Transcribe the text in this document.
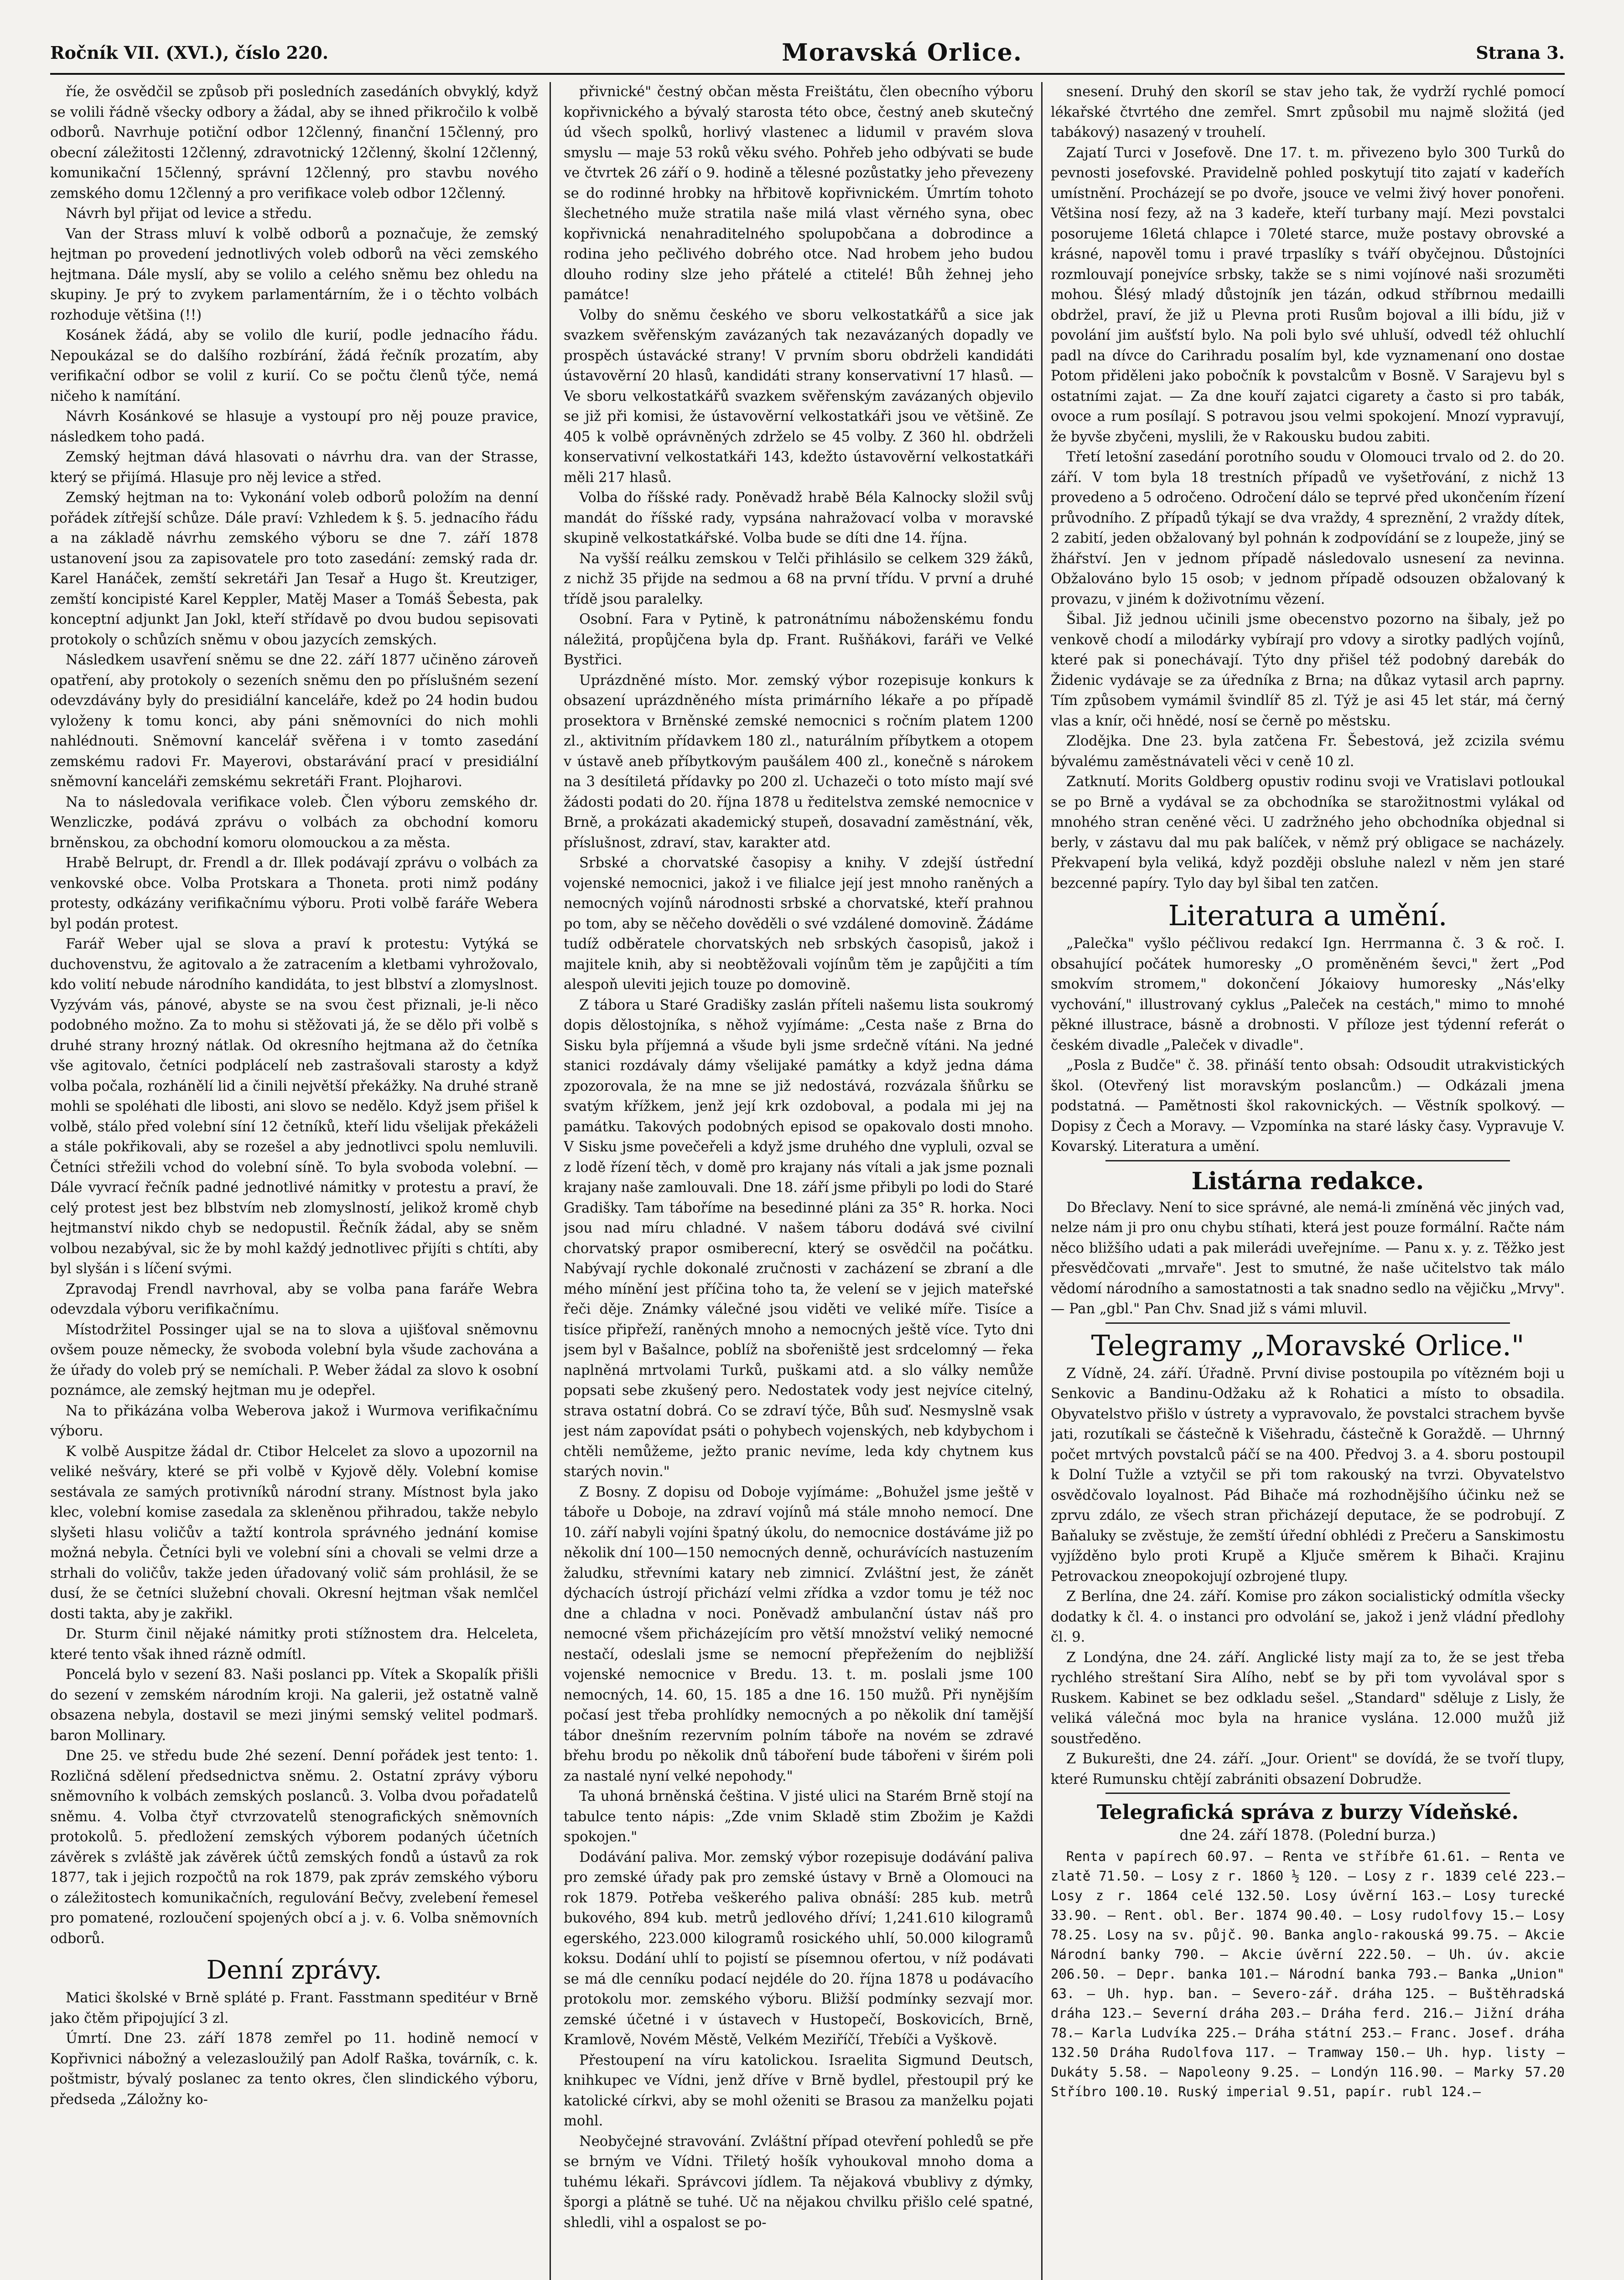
Ročník VII. (XVI.), číslo 220.	Moravská Orlice.	Strana 3.

říe, že osvědčil se způsob při posledních zasedáních obvyklý, když se volili řádně všecky odbory a žádal, aby se ihned přikročilo k volbě odborů. Navrhuje potiční odbor 12členný, finanční 15členný, pro obecní záležitosti 12členný, zdravotnický 12členný, školní 12členný, komunikační 15členný, správní 12členný, pro stavbu nového zemského domu 12členný a pro verifikace voleb odbor 12členný.

Návrh byl přijat od levice a středu.

Van der Strass mluví k volbě odborů a poznačuje, že zemský hejtman po provedení jednotlivých voleb odborů na věci zemského hejtmana. Dále myslí, aby se volilo a celého sněmu bez ohledu na skupiny. Je prý to zvykem parlamentárním, že i o těchto volbách rozhoduje většina (!!)

Kosánek žádá, aby se volilo dle kurií, podle jednacího řádu. Nepoukázal se do dalšího rozbírání, žádá řečník prozatím, aby verifikační odbor se volil z kurií. Co se počtu členů týče, nemá ničeho k namítání.

Návrh Kosánkové se hlasuje a vystoupí pro něj pouze pravice, následkem toho padá.

Zemský hejtman dává hlasovati o návrhu dra. van der Strasse, který se přijímá. Hlasuje pro něj levice a střed.

Zemský hejtman na to: Vykonání voleb odborů položím na denní pořádek zítřejší schůze. Dále praví: Vzhledem k §. 5. jednacího řádu a na základě návrhu zemského výboru se dne 7. září 1878 ustanovení jsou za zapisovatele pro toto zasedání: zemský rada dr. Karel Hanáček, zemští sekretáři Jan Tesař a Hugo št. Kreutziger, zemští koncipisté Karel Keppler, Matěj Maser a Tomáš Šebesta, pak konceptní adjunkt Jan Jokl, kteří střídavě po dvou budou sepisovati protokoly o schůzích sněmu v obou jazycích zemských.

Následkem usavření sněmu se dne 22. září 1877 učiněno zároveň opatření, aby protokoly o sezeních sněmu den po příslušném sezení odevzdávány byly do presidiální kanceláře, kdež po 24 hodin budou vyloženy k tomu konci, aby páni sněmovníci do nich mohli nahlédnouti. Sněmovní kancelář svěřena i v tomto zasedání zemskému radovi Fr. Mayerovi, obstarávání prací v presidiální sněmovní kanceláři zemskému sekretáři Frant. Plojharovi.

Na to následovala verifikace voleb. Člen výboru zemského dr. Wenzliczke, podává zprávu o volbách za obchodní komoru brněnskou, za obchodní komoru olomouckou a za města.

Hrabě Belrupt, dr. Frendl a dr. Illek podávají zprávu o volbách za venkovské obce. Volba Protskara a Thoneta. proti nimž podány protesty, odkázány verifikačnímu výboru. Proti volbě faráře Webera byl podán protest.

Farář Weber ujal se slova a praví k protestu: Vytýká se duchovenstvu, že agitovalo a že zatracením a kletbami vyhrožovalo, kdo volití nebude národního kandidáta, to jest blbství a zlomyslnost. Vyzývám vás, pánové, abyste se na svou čest přiznali, je-li něco podobného možno. Za to mohu si stěžovati já, že se dělo při volbě s druhé strany hrozný nátlak. Od okresního hejtmana až do četníka vše agitovalo, četníci podplácelí neb zastrašovali starosty a když volba počala, rozhánělí lid a činili největší překážky. Na druhé straně mohli se spoléhati dle libosti, ani slovo se nedělo. Když jsem přišel k volbě, stálo před volební síní 12 četníků, kteří lidu všelijak překáželi a stále pokřikovali, aby se rozešel a aby jednotlivci spolu nemluvili. Četníci střežili vchod do volební síně. To byla svoboda volební. — Dále vyvrací řečník padné jednotlivé námitky v protestu a praví, že celý protest jest bez blbstvím neb zlomyslností, jelikož kromě chyb hejtmanství nikdo chyb se nedopustil. Řečník žádal, aby se sněm volbou nezabýval, sic že by mohl každý jednotlivec přijíti s chtíti, aby byl slyšán i s líčení svými.

Zpravodaj Frendl navrhoval, aby se volba pana faráře Webra odevzdala výboru verifikačnímu.

Místodržitel Possinger ujal se na to slova a ujišťoval sněmovnu ovšem pouze německy, že svoboda volební byla všude zachována a že úřady do voleb prý se nemíchali. P. Weber žádal za slovo k osobní poznámce, ale zemský hejtman mu je odepřel.

Na to přikázána volba Weberova jakož i Wurmova verifikačnímu výboru.

K volbě Auspitze žádal dr. Ctibor Helcelet za slovo a upozornil na veliké nešváry, které se při volbě v Kyjově děly. Volební komise sestávala ze samých protivníků národní strany. Místnost byla jako klec, volební komise zasedala za skleněnou přihradou, takže nebylo slyšeti hlasu voličův a tažtí kontrola správného jednání komise možná nebyla. Četníci byli ve volební síni a chovali se velmi drze a strhali do voličův, takže jeden úřadovaný volič sám prohlásil, že se dusí, že se četníci služební chovali. Okresní hejtman však nemlčel dosti takta, aby je zakřikl.

Dr. Sturm činil nějaké námitky proti stížnostem dra. Helceleta, které tento však ihned rázně odmítl.

Poncelá bylo v sezení 83. Naši poslanci pp. Vítek a Skopalík přišli do sezení v zemském národním kroji. Na galerii, jež ostatně valně obsazena nebyla, dostavil se mezi jinými semský velitel podmarš. baron Mollinary.

Dne 25. ve středu bude 2hé sezení. Denní pořádek jest tento: 1. Rozličná sdělení předsednictva sněmu. 2. Ostatní zprávy výboru sněmovního k volbách zemských poslanců. 3. Volba dvou pořadatelů sněmu. 4. Volba čtyř ctvrzovatelů stenografických sněmovních protokolů. 5. předložení zemských výborem podaných účetních závěrek s zvláště jak závěrek účtů zemských fondů a ústavů za rok 1877, tak i jejich rozpočtů na rok 1879, pak zpráv zemského výboru o záležitostech komunikačních, regulování Bečvy, zvelebení řemesel pro pomatené, rozloučení spojených obcí a j. v. 6. Volba sněmovních odborů.

Denní zprávy.

Matici školské v Brně spláté p. Frant. Fasstmann speditéur v Brně jako čtěm připojující 3 zl.

Úmrtí. Dne 23. září 1878 zemřel po 11. hodině nemocí v Kopřivnici nábožný a velezasloužilý pan Adolf Raška, továrník, c. k. poštmistr, bývalý poslanec za tento okres, člen slindického výboru, předseda „Záložny ko-

přivnické" čestný občan města Freištátu, člen obecního výboru kopřivnického a bývalý starosta této obce, čestný aneb skutečný úd všech spolků, horlivý vlastenec a lidumil v pravém slova smyslu — maje 53 roků věku svého. Pohřeb jeho odbývati se bude ve čtvrtek 26 září o 9. hodině a tělesné pozůstatky jeho převezeny se do rodinné hrobky na hřbitově kopřivnickém. Úmrtím tohoto šlechetného muže stratila naše milá vlast věrného syna, obec kopřivnická nenahraditelného spolupobčana a dobrodince a rodina jeho pečlivého dobrého otce. Nad hrobem jeho budou dlouho rodiny slze jeho přátelé a ctitelé! Bůh žehnej jeho památce!

Volby do sněmu českého ve sboru velkostatkářů a sice jak svazkem svěřenským zavázaných tak nezavázaných dopadly ve prospěch ústavácké strany! V prvním sboru obdrželi kandidáti ústavověrní 20 hlasů, kandidáti strany konservativní 17 hlasů. — Ve sboru velkostatkářů svazkem svěřenským zavázaných objevilo se již při komisi, že ústavověrní velkostatkáři jsou ve většině. Ze 405 k volbě oprávněných zdrželo se 45 volby. Z 360 hl. obdrželi konservativní velkostatkáři 143, kdežto ústavověrní velkostatkáři měli 217 hlasů.

Volba do říšské rady. Poněvadž hrabě Béla Kalnocky složil svůj mandát do říšské rady, vypsána nahražovací volba v moravské skupině velkostatkářské. Volba bude se díti dne 14. října.

Na vyšší reálku zemskou v Telči přihlásilo se celkem 329 žáků, z nichž 35 přijde na sedmou a 68 na první třídu. V první a druhé třídě jsou paralelky.

Osobní. Fara v Pytině, k patronátnímu náboženskému fondu náležitá, propůjčena byla dp. Frant. Rušňákovi, faráři ve Velké Bystřici.

Uprázdněné místo. Mor. zemský výbor rozepisuje konkurs k obsazení uprázdněného místa primárního lékaře a po případě prosektora v Brněnské zemské nemocnici s ročním platem 1200 zl., aktivitním přídavkem 180 zl., naturálním příbytkem a otopem v ústavě aneb příbytkovým paušálem 400 zl., konečně s nárokem na 3 desítiletá přídavky po 200 zl. Uchazeči o toto místo mají své žádosti podati do 20. října 1878 u ředitelstva zemské nemocnice v Brně, a prokázati akademický stupeň, dosavadní zaměstnání, věk, příslušnost, zdraví, stav, karakter atd.

Srbské a chorvatské časopisy a knihy. V zdejší ústřední vojenské nemocnici, jakož i ve filialce její jest mnoho raněných a nemocných vojínů národnosti srbské a chorvatské, kteří prahnou po tom, aby se něčeho dověděli o své vzdálené domovině. Žádáme tudíž odběratele chorvatských neb srbských časopisů, jakož i majitele knih, aby si neobtěžovali vojínům těm je zapůjčiti a tím alespoň uleviti jejich touze po domovině.

Z tábora u Staré Gradišky zaslán příteli našemu lista soukromý dopis dělostojníka, s něhož vyjímáme: „Cesta naše z Brna do Sisku byla příjemná a všude byli jsme srdečně vítáni. Na jedné stanici rozdávaly dámy všelijaké památky a když jedna dáma zpozorovala, že na mne se již nedostává, rozvázala šňůrku se svatým křížkem, jenž její krk ozdoboval, a podala mi jej na památku. Takových podobných episod se opakovalo dosti mnoho. V Sisku jsme povečeřeli a když jsme druhého dne vypluli, ozval se z lodě řízení těch, v domě pro krajany nás vítali a jak jsme poznali krajany naše zamlouvali. Dne 18. září jsme přibyli po lodi do Staré Gradišky. Tam táboříme na besedinné pláni za 35° R. horka. Noci jsou nad míru chladné. V našem táboru dodává své civilní chorvatský prapor osmiberecní, který se osvědčil na počátku. Nabývají rychle dokonalé zručnosti v zacházení se zbraní a dle mého mínění jest příčina toho ta, že velení se v jejich mateřské řeči děje. Známky válečné jsou viděti ve veliké míře. Tisíce a tisíce připřeží, raněných mnoho a nemocných ještě více. Tyto dni jsem byl v Bašalnce, poblíž na sbořeniště jest srdcelomný — řeka naplněná mrtvolami Turků, puškami atd. a slo války nemůže popsati sebe zkušený pero. Nedostatek vody jest nejvíce citelný, strava ostatní dobrá. Co se zdraví týče, Bůh suď. Nesmyslně vsak jest nám zapovídat psáti o pohybech vojenských, neb kdybychom i chtěli nemůžeme, ježto pranic nevíme, leda kdy chytnem kus starých novin."

Z Bosny. Z dopisu od Doboje vyjímáme: „Bohužel jsme ještě v táboře u Doboje, na zdraví vojínů má stále mnoho nemocí. Dne 10. září nabyli vojíni špatný úkolu, do nemocnice dostáváme již po několik dní 100—150 nemocných denně, ochurávících nastuzením žaludku, střevními katary neb zimnicí. Zvláštní jest, že zánět dýchacích ústrojí přichází velmi zřídka a vzdor tomu je též noc dne a chladna v noci. Poněvadž ambulanční ústav náš pro nemocné všem přicházejícím pro větší množství veliký nemocné nestačí, odeslali jsme se nemocní přepřežením do nejbližší vojenské nemocnice v Bredu. 13. t. m. poslali jsme 100 nemocných, 14. 60, 15. 185 a dne 16. 150 mužů. Při nynějším počasí jest třeba prohlídky nemocných a po několik dní tamější tábor dnešním rezervním polním táboře na novém se zdravé břehu brodu po několik dnů táboření bude tábořeni v širém poli za nastalé nyní velké nepohody."

Ta uhoná brněnská čeština. V jisté ulici na Starém Brně stojí na tabulce tento nápis: „Zde vnim Skladě stim Zbožim je Každi spokojen."

Dodávání paliva. Mor. zemský výbor rozepisuje dodávání paliva pro zemské úřady pak pro zemské ústavy v Brně a Olomouci na rok 1879. Potřeba veškerého paliva obnáší: 285 kub. metrů bukového, 894 kub. metrů jedlového dříví; 1,241.610 kilogramů egerského, 223.000 kilogramů rosického uhlí, 50.000 kilogramů koksu. Dodání uhlí to pojistí se písemnou ofertou, v níž podávati se má dle cenníku podací nejdéle do 20. října 1878 u podávacího protokolu mor. zemského výboru. Bližší podmínky sezvají mor. zemské účetné i v ústavech v Hustopečí, Boskovicích, Brně, Kramlově, Novém Městě, Velkém Meziříčí, Třebíči a Vyškově.

Přestoupení na víru katolickou. Israelita Sigmund Deutsch, knihkupec ve Vídni, jenž dříve v Brně bydlel, přestoupil prý ke katolické církvi, aby se mohl oženiti se Brasou za manželku pojati mohl.

Neobyčejné stravování. Zvláštní případ otevření pohledů se pře se brným ve Vídni. Třiletý hošík vyhoukoval mnoho doma a tuhému lékaři. Správcovi jídlem. Ta nějaková vbublivy z dýmky, šporgi a plátně se tuhé. Uč na nějakou chvilku přišlo celé spatné, shledli, vihl a ospalost se po-

snesení. Druhý den skoríl se stav jeho tak, že vydrží rychlé pomocí lékařské čtvrtého dne zemřel. Smrt způsobil mu najmě složitá (jed tabákový) nasazený v trouhelí.

Zajatí Turci v Josefově. Dne 17. t. m. přivezeno bylo 300 Turků do pevnosti josefovské. Pravidelně pohled poskytují tito zajatí v kadeřích umístnění. Procházejí se po dvoře, jsouce ve velmi živý hover ponořeni. Většina nosí fezy, až na 3 kadeře, kteří turbany mají. Mezi povstalci posorujeme 16letá chlapce i 70leté starce, muže postavy obrovské a krásné, napověl tomu i pravé trpaslíky s tváří obyčejnou. Důstojníci rozmlouvají ponejvíce srbsky, takže se s nimi vojínové naši srozuměti mohou. Šlésý mladý důstojník jen tázán, odkud stříbrnou medailli obdržel, praví, že již u Plevna proti Rusům bojoval a illi bídu, již v povolání jim aušťstí bylo. Na poli bylo své uhluší, odvedl též ohluchlí padl na dívce do Carihradu posalím byl, kde vyznamenaní ono dostae Potom přiděleni jako pobočník k povstalcům v Bosně. V Sarajevu byl s ostatními zajat. — Za dne kouří zajatci cigarety a často si pro tabák, ovoce a rum posílají. S potravou jsou velmi spokojení. Mnozí vypravují, že byvše zbyčeni, myslili, že v Rakousku budou zabiti.

Třetí letošní zasedání porotního soudu v Olomouci trvalo od 2. do 20. září. V tom byla 18 trestních případů ve vyšetřování, z nichž 13 provedeno a 5 odročeno. Odročení dálo se teprvé před ukončením řízení průvodního. Z případů týkají se dva vraždy, 4 spreznění, 2 vraždy dítek, 2 zabití, jeden obžalovaný byl pohnán k zodpovídání se z loupeže, jiný se žhářství. Jen v jednom případě následovalo usnesení za nevinna. Obžalováno bylo 15 osob; v jednom případě odsouzen obžalovaný k provazu, v jiném k doživotnímu vězení.

Šibal. Již jednou učinili jsme obecenstvo pozorno na šibaly, jež po venkově chodí a milodárky vybírají pro vdovy a sirotky padlých vojínů, které pak si ponechávají. Týto dny přišel též podobný darebák do Židenic vydávaje se za úředníka z Brna; na důkaz vytasil arch paprny. Tím způsobem vymámil švindlíř 85 zl. Týž je asi 45 let stár, má černý vlas a knír, oči hnědé, nosí se černě po městsku.

Zlodějka. Dne 23. byla zatčena Fr. Šebestová, jež zcizila svému bývalému zaměstnávateli věci v ceně 10 zl.

Zatknutí. Morits Goldberg opustiv rodinu svoji ve Vratislavi potloukal se po Brně a vydával se za obchodníka se starožitnostmi vylákal od mnohého stran ceněné věci. U zadržného jeho obchodníka objednal si berly, v zástavu dal mu pak balíček, v němž prý obligace se nacházely. Překvapení byla veliká, když později obsluhe nalezl v něm jen staré bezcenné papíry. Tylo day byl šibal ten zatčen.

Literatura a umění.

„Palečka" vyšlo péčlivou redakcí Ign. Herrmanna č. 3 & roč. I. obsahující počátek humoresky „O proměněném ševci," žert „Pod smokvím stromem," dokončení Jókaiovy humoresky „Nás'elky vychování," illustrovaný cyklus „Paleček na cestách," mimo to mnohé pěkné illustrace, básně a drobnosti. V příloze jest týdenní referát o českém divadle „Paleček v divadle".

„Posla z Budče" č. 38. přináší tento obsah: Odsoudit utrakvistických škol. (Otevřený list moravským poslancům.) — Odkázali jmena podstatná. — Pamětnosti škol rakovnických. — Věstník spolkový. — Dopisy z Čech a Moravy. — Vzpomínka na staré lásky časy. Vypravuje V. Kovarský. Literatura a umění.

Listárna redakce.

Do Břeclavy. Není to sice správné, ale nemá-li zmíněná věc jiných vad, nelze nám ji pro onu chybu stíhati, která jest pouze formální. Račte nám něco bližšího udati a pak milerádi uveřejníme. — Panu x. y. z. Těžko jest přesvědčovati „mrvaře". Jest to smutné, že naše učitelstvo tak málo vědomí národního a samostatnosti a tak snadno sedlo na vějičku „Mrvy". — Pan „gbl." Pan Chv. Snad již s vámi mluvil.

Telegramy „Moravské Orlice."

Z Vídně, 24. září. Úřadně. První divise postoupila po vítězném boji u Senkovic a Bandinu-Odžaku až k Rohatici a místo to obsadila. Obyvatelstvo přišlo v ústrety a vypravovalo, že povstalci strachem byvše jati, rozutíkali se částečně k Višehradu, částečně k Goraždě. — Uhrnný počet mrtvých povstalců páčí se na 400. Předvoj 3. a 4. sboru postoupil k Dolní Tužle a vztyčil se při tom rakouský na tvrzi. Obyvatelstvo osvědčovalo loyalnost. Pád Bihače má rozhodnějšího účinku než se zprvu zdálo, ze všech stran přicházejí deputace, že se podrobují. Z Baňaluky se zvěstuje, že zemští úřední obhlédi z Prečeru a Sanskimostu vyjížděno bylo proti Krupě a Ključe směrem k Bihači. Krajinu Petrovackou zneopokojují ozbrojené tlupy.

Z Berlína, dne 24. září. Komise pro zákon socialistický odmítla všecky dodatky k čl. 4. o instanci pro odvolání se, jakož i jenž vládní předlohy čl. 9.

Z Londýna, dne 24. září. Anglické listy mají za to, že se jest třeba rychlého streštaní Sira Alího, nebť se by při tom vyvolával spor s Ruskem. Kabinet se bez odkladu sešel. „Standard" sděluje z Lisly, že veliká válečná moc byla na hranice vyslána. 12.000 mužů již soustředěno.

Z Bukurešti, dne 24. září. „Jour. Orient" se dovídá, že se tvoří tlupy, které Rumunsku chtějí zabrániti obsazení Dobrudže.

Telegrafická správa z burzy Vídeňské.
dne 24. září 1878. (Polední burza.)

Renta v papírech 60.97. — Renta ve stříbře 61.61. — Renta ve zlatě 71.50. — Losy z r. 1860 ½ 120. — Losy z r. 1839 celé 223.— Losy z r. 1864 celé 132.50. Losy úvěrní 163.— Losy turecké 33.90. — Rent. obl. Ber. 1874 90.40. — Losy rudolfovy 15.— Losy 78.25. Losy na sv. půjč. 90. Banka anglo-rakouská 99.75. — Akcie Národní banky 790. — Akcie úvěrní 222.50. — Uh. úv. akcie 206.50. — Depr. banka 101.— Národní banka 793.— Banka „Union" 63. — Uh. hyp. ban. — Severo-zář. dráha 125. — Buštěhradská dráha 123.— Severní dráha 203.— Dráha ferd. 216.— Jižní dráha 78.— Karla Ludvíka 225.— Dráha státní 253.— Franc. Josef. dráha 132.50 Dráha Rudolfova 117. — Tramway 150.— Uh. hyp. listy — Dukáty 5.58. — Napoleony 9.25. — Londýn 116.90. — Marky 57.20 Stříbro 100.10. Ruský imperial 9.51, papír. rubl 124.—
